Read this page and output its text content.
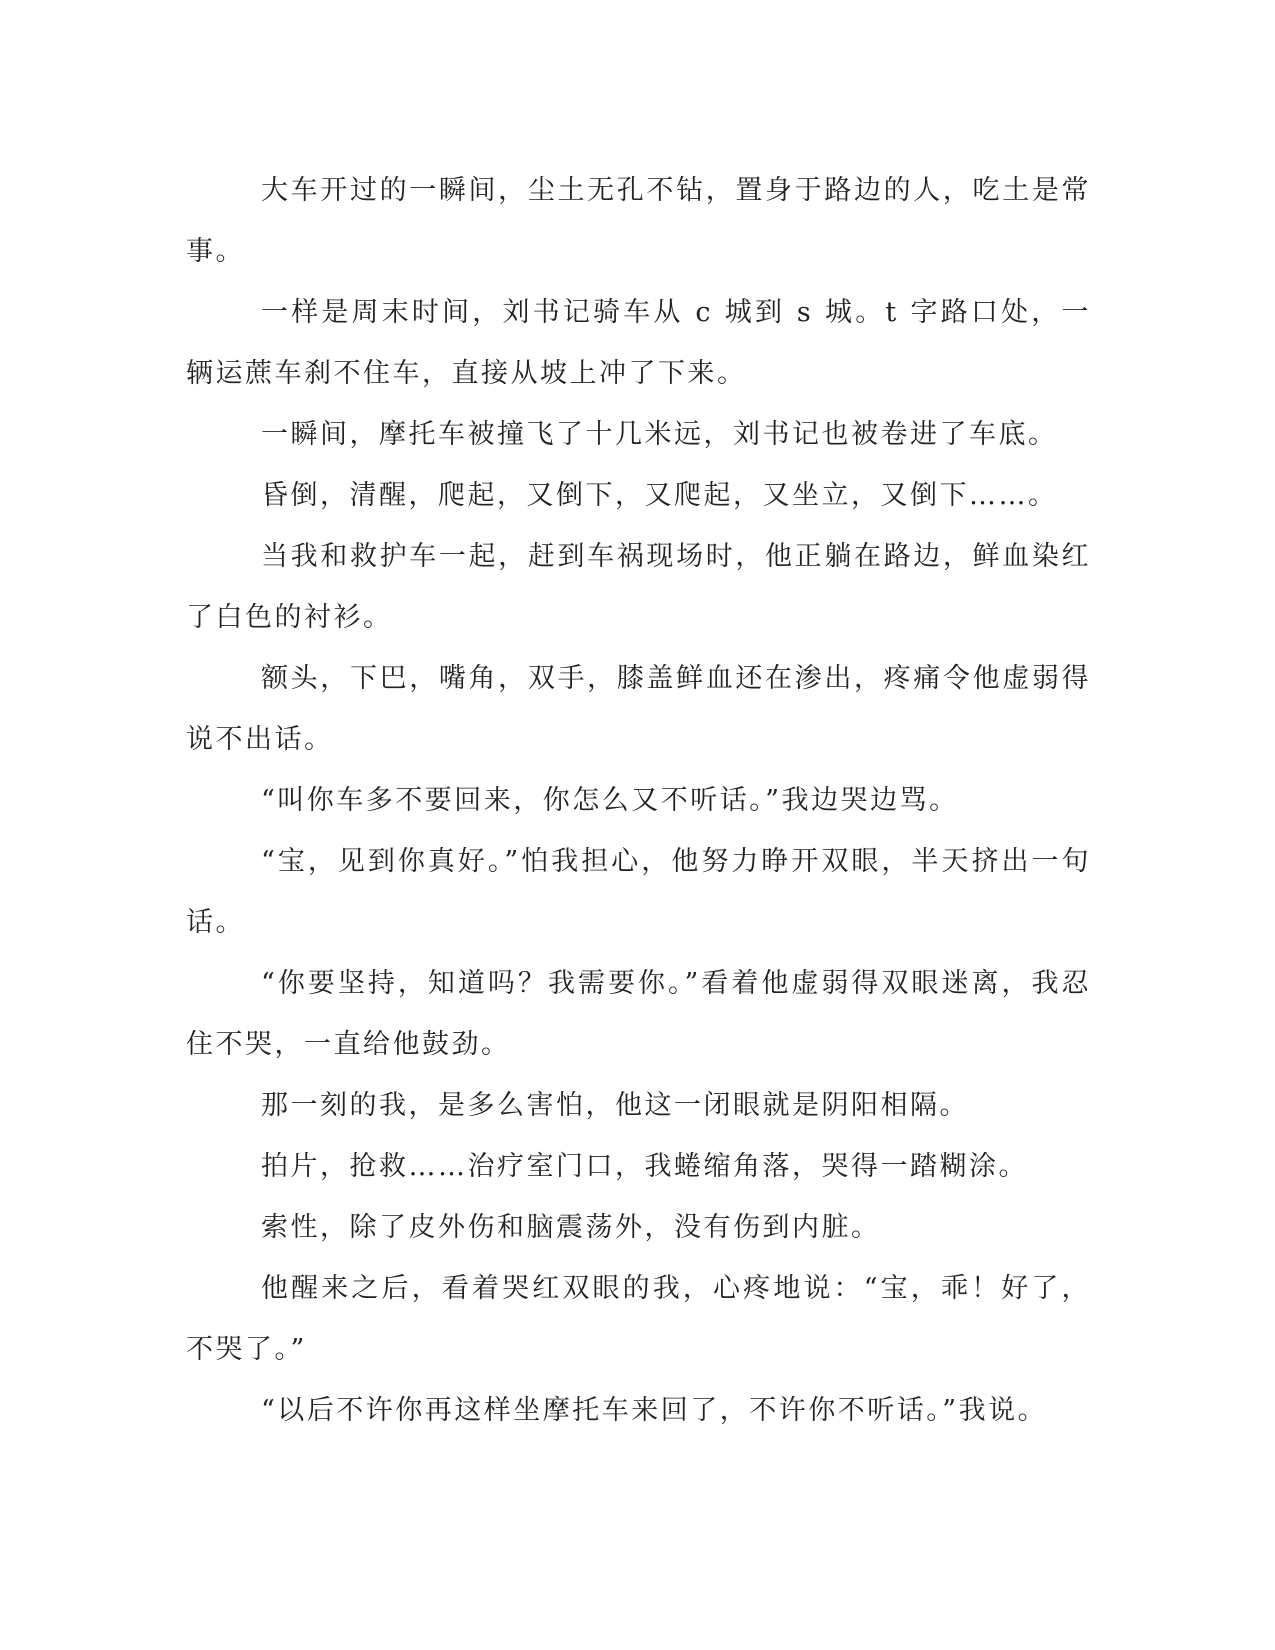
大车开过的一瞬间，尘土无孔不钻，置身于路边的人，吃土是常事。

一样是周末时间，刘书记骑车从 c 城到 s 城。t 字路口处，一辆运蔗车刹不住车，直接从坡上冲了下来。

一瞬间，摩托车被撞飞了十几米远，刘书记也被卷进了车底。

昏倒，清醒，爬起，又倒下，又爬起，又坐立，又倒下……。

当我和救护车一起，赶到车祸现场时，他正躺在路边，鲜血染红了白色的衬衫。

额头，下巴，嘴角，双手，膝盖鲜血还在渗出，疼痛令他虚弱得说不出话。

“叫你车多不要回来，你怎么又不听话。”我边哭边骂。

“宝，见到你真好。”怕我担心，他努力睁开双眼，半天挤出一句话。

“你要坚持，知道吗？我需要你。”看着他虚弱得双眼迷离，我忍住不哭，一直给他鼓劲。

那一刻的我，是多么害怕，他这一闭眼就是阴阳相隔。

拍片，抢救……治疗室门口，我蜷缩角落，哭得一踏糊涂。

索性，除了皮外伤和脑震荡外，没有伤到内脏。

他醒来之后，看着哭红双眼的我，心疼地说：“宝，乖！好了，不哭了。”

“以后不许你再这样坐摩托车来回了，不许你不听话。”我说。
